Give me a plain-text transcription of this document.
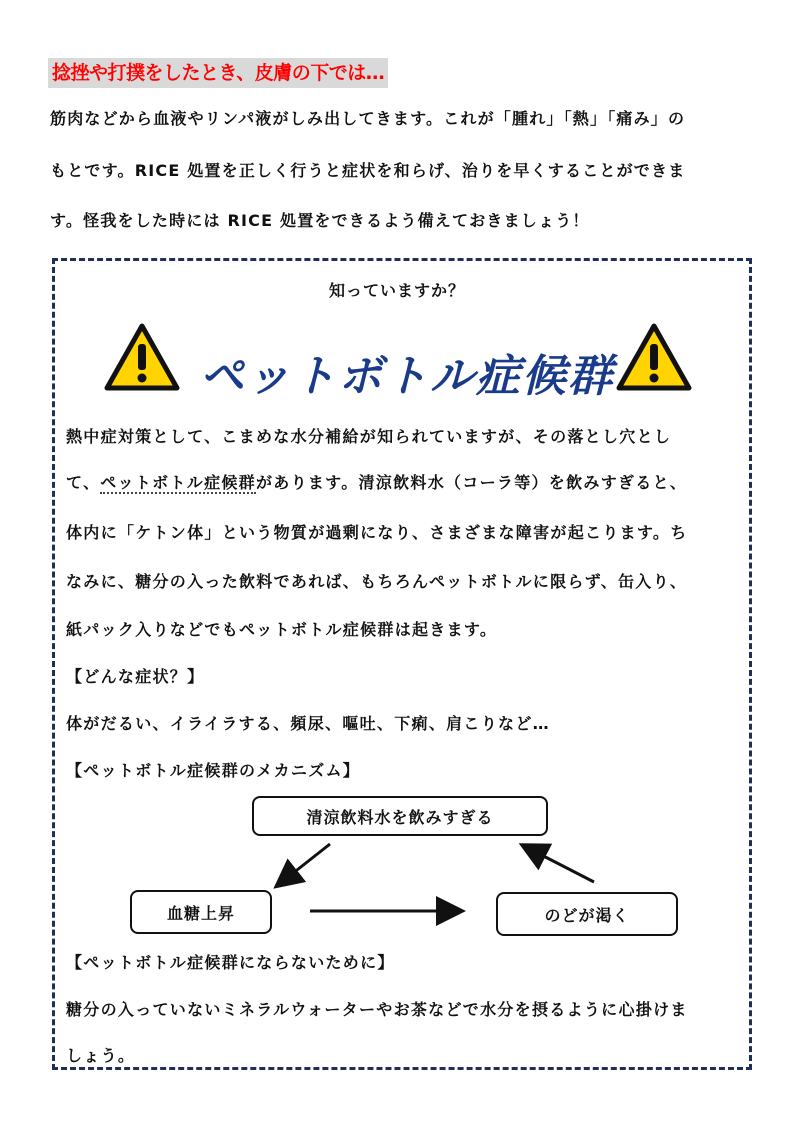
捻挫や打撲をしたとき、皮膚の下では…
筋肉などから血液やリンパ液がしみ出してきます。これが「腫れ」「熱」「痛み」の
もとです。RICE 処置を正しく行うと症状を和らげ、治りを早くすることができま
す。怪我をした時には RICE 処置をできるよう備えておきましょう！
知っていますか？
ペットボトル症候群
熱中症対策として、こまめな水分補給が知られていますが、その落とし穴とし
て、ペットボトル症候群があります。清涼飲料水（コーラ等）を飲みすぎると、
体内に「ケトン体」という物質が過剰になり、さまざまな障害が起こります。ち
なみに、糖分の入った飲料であれば、もちろんペットボトルに限らず、缶入り、
紙パック入りなどでもペットボトル症候群は起きます。
【どんな症状？】
体がだるい、イライラする、頻尿、嘔吐、下痢、肩こりなど…
【ペットボトル症候群のメカニズム】
清涼飲料水を飲みすぎる
血糖上昇	のどが渇く
【ペットボトル症候群にならないために】
糖分の入っていないミネラルウォーターやお茶などで水分を摂るように心掛けま
しょう。
